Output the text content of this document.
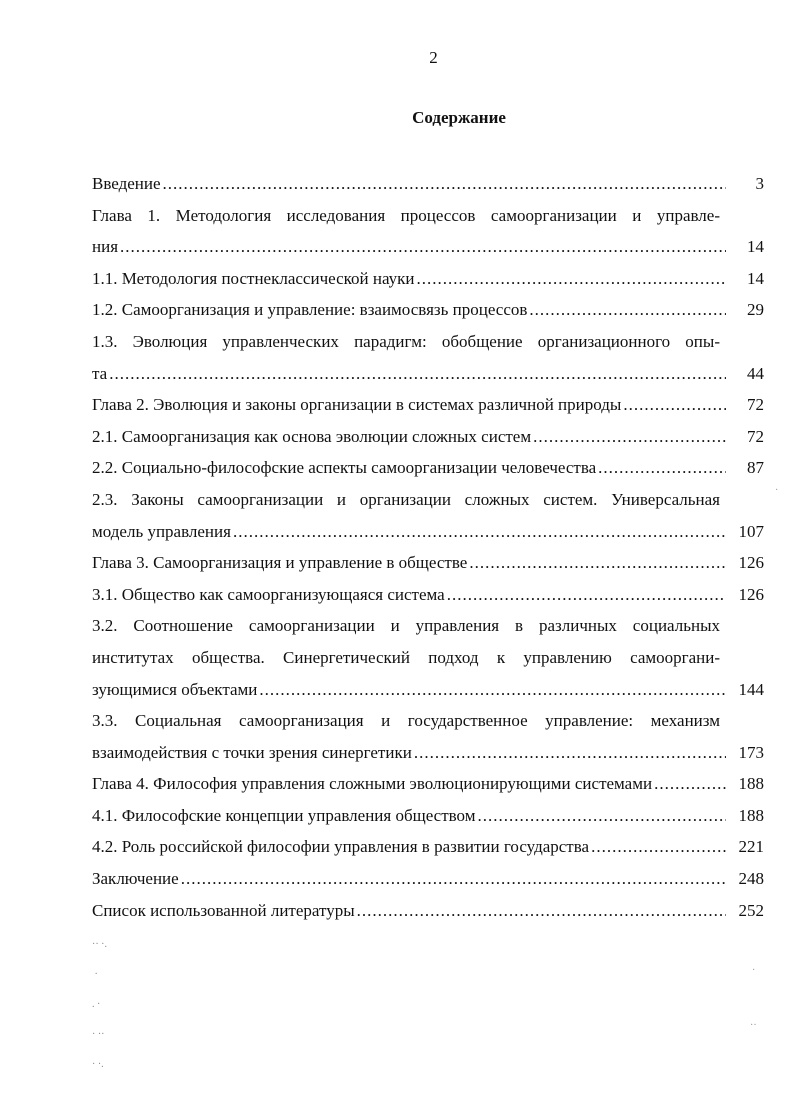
2
Содержание
Введение .....	3
Глава 1. Методология исследования процессов самоорганизации и управле-
ния .....	14
1.1. Методология постнеклассической науки .....	14
1.2. Самоорганизация и управление: взаимосвязь процессов .....	29
1.3. Эволюция управленческих парадигм: обобщение организационного опы-
та .....	44
Глава 2. Эволюция и законы организации в системах различной природы .....	72
2.1. Самоорганизация как основа эволюции сложных систем .....	72
2.2. Социально-философские аспекты самоорганизации человечества .....	87
2.3. Законы самоорганизации и организации сложных систем. Универсальная
модель управления .....	107
Глава 3. Самоорганизация и управление в обществе .....	126
3.1. Общество как самоорганизующаяся система .....	126
3.2. Соотношение самоорганизации и управления в различных социальных
институтах общества. Синергетический подход к управлению самооргани-
зующимися объектами .....	144
3.3. Социальная самоорганизация и государственное управление: механизм
взаимодействия с точки зрения синергетики .....	173
Глава 4. Философия управления сложными эволюционирующими системами .....	188
4.1. Философские концепции управления обществом .....	188
4.2. Роль российской философии управления в развитии государства .....	221
Заключение .....	248
Список использованной литературы .....	252
·· ·.
·
. ·
· ··
· ·.
·
··
·
